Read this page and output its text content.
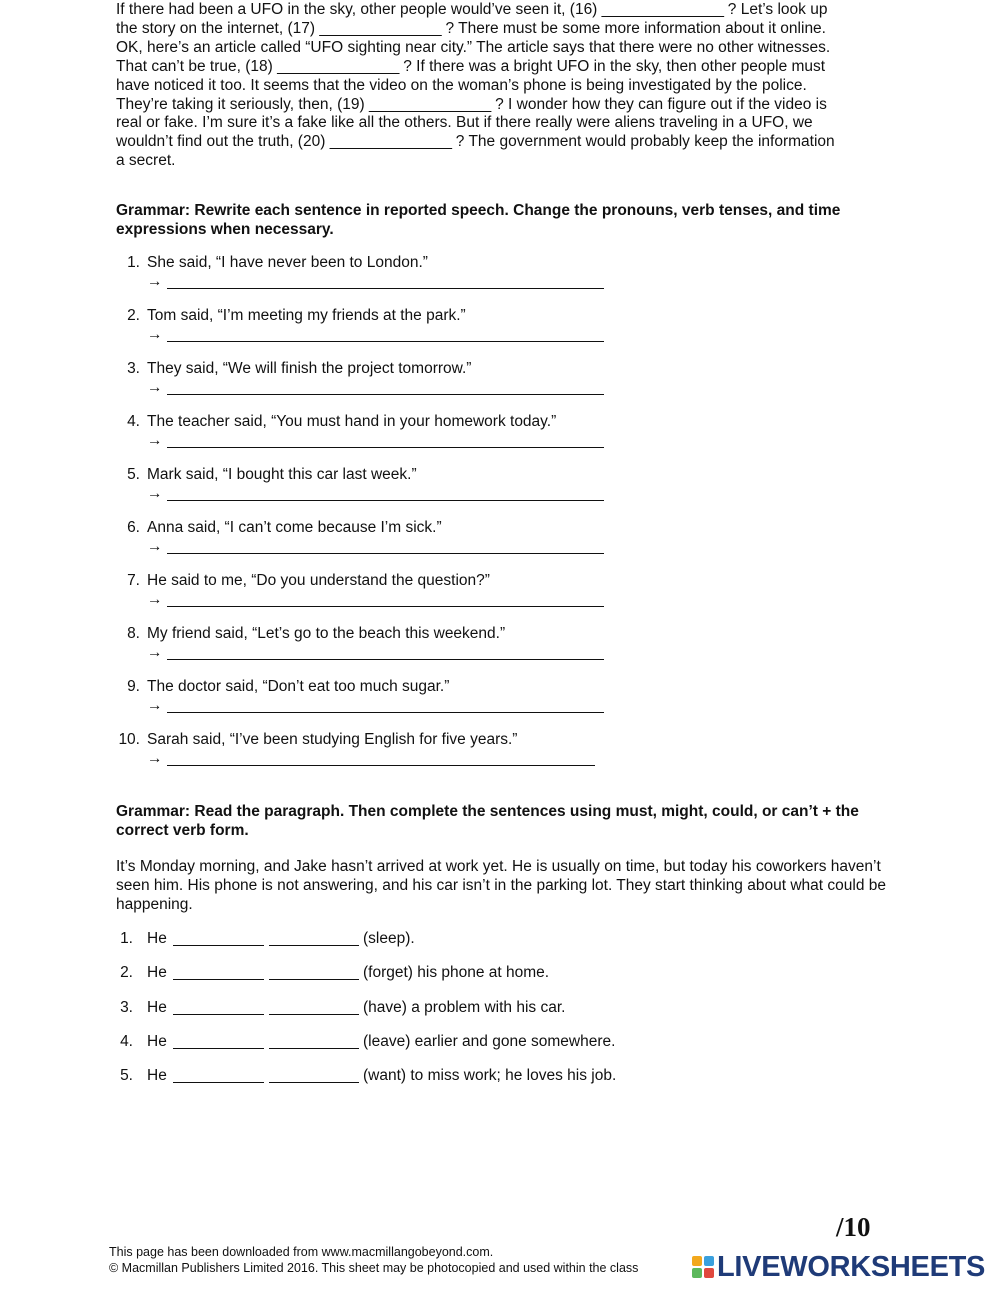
If there had been a UFO in the sky, other people would’ve seen it, (16) _______________ ? Let’s look up
the story on the internet, (17) _______________ ? There must be some more information about it online.
OK, here’s an article called “UFO sighting near city.” The article says that there were no other witnesses.
That can’t be true, (18) _______________ ? If there was a bright UFO in the sky, then other people must
have noticed it too. It seems that the video on the woman’s phone is being investigated by the police.
They’re taking it seriously, then, (19) _______________ ? I wonder how they can figure out if the video is
real or fake. I’m sure it’s a fake like all the others. But if there really were aliens traveling in a UFO, we
wouldn’t find out the truth, (20) _______________ ? The government would probably keep the information
a secret.

Grammar: Rewrite each sentence in reported speech. Change the pronouns, verb tenses, and time
expressions when necessary.

1. She said, “I have never been to London.”
→
2. Tom said, “I’m meeting my friends at the park.”
→
3. They said, “We will finish the project tomorrow.”
→
4. The teacher said, “You must hand in your homework today.”
→
5. Mark said, “I bought this car last week.”
→
6. Anna said, “I can’t come because I’m sick.”
→
7. He said to me, “Do you understand the question?”
→
8. My friend said, “Let’s go to the beach this weekend.”
→
9. The doctor said, “Don’t eat too much sugar.”
→
10. Sarah said, “I’ve been studying English for five years.”
→

Grammar: Read the paragraph. Then complete the sentences using must, might, could, or can’t + the
correct verb form.

It’s Monday morning, and Jake hasn’t arrived at work yet. He is usually on time, but today his coworkers haven’t
seen him. His phone is not answering, and his car isn’t in the parking lot. They start thinking about what could be
happening.

1. He	(sleep).
2. He	(forget) his phone at home.
3. He	(have) a problem with his car.
4. He	(leave) earlier and gone somewhere.
5. He	(want) to miss work; he loves his job.
/10

This page has been downloaded from www.macmillangobeyond.com.
© Macmillan Publishers Limited 2016. This sheet may be photocopied and used within the class	LIVEWORKSHEETS
